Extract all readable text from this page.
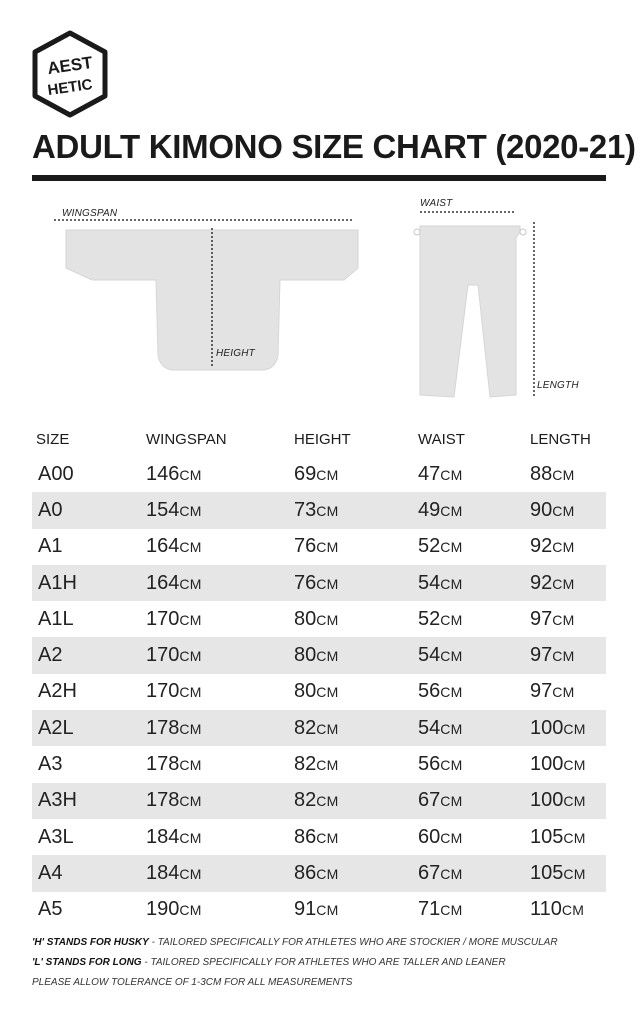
AEST
HETIC
ADULT KIMONO SIZE CHART (2020-21)
WINGSPAN
HEIGHT
WAIST
LENGTH
SIZE	WINGSPAN	HEIGHT	WAIST	LENGTH
A00	146CM	69CM	47CM	88CM
A0	154CM	73CM	49CM	90CM
A1	164CM	76CM	52CM	92CM
A1H	164CM	76CM	54CM	92CM
A1L	170CM	80CM	52CM	97CM
A2	170CM	80CM	54CM	97CM
A2H	170CM	80CM	56CM	97CM
A2L	178CM	82CM	54CM	100CM
A3	178CM	82CM	56CM	100CM
A3H	178CM	82CM	67CM	100CM
A3L	184CM	86CM	60CM	105CM
A4	184CM	86CM	67CM	105CM
A5	190CM	91CM	71CM	110CM
'H' STANDS FOR HUSKY - TAILORED SPECIFICALLY FOR ATHLETES WHO ARE STOCKIER / MORE MUSCULAR
'L' STANDS FOR LONG - TAILORED SPECIFICALLY FOR ATHLETES WHO ARE TALLER AND LEANER
PLEASE ALLOW TOLERANCE OF 1-3CM FOR ALL MEASUREMENTS
